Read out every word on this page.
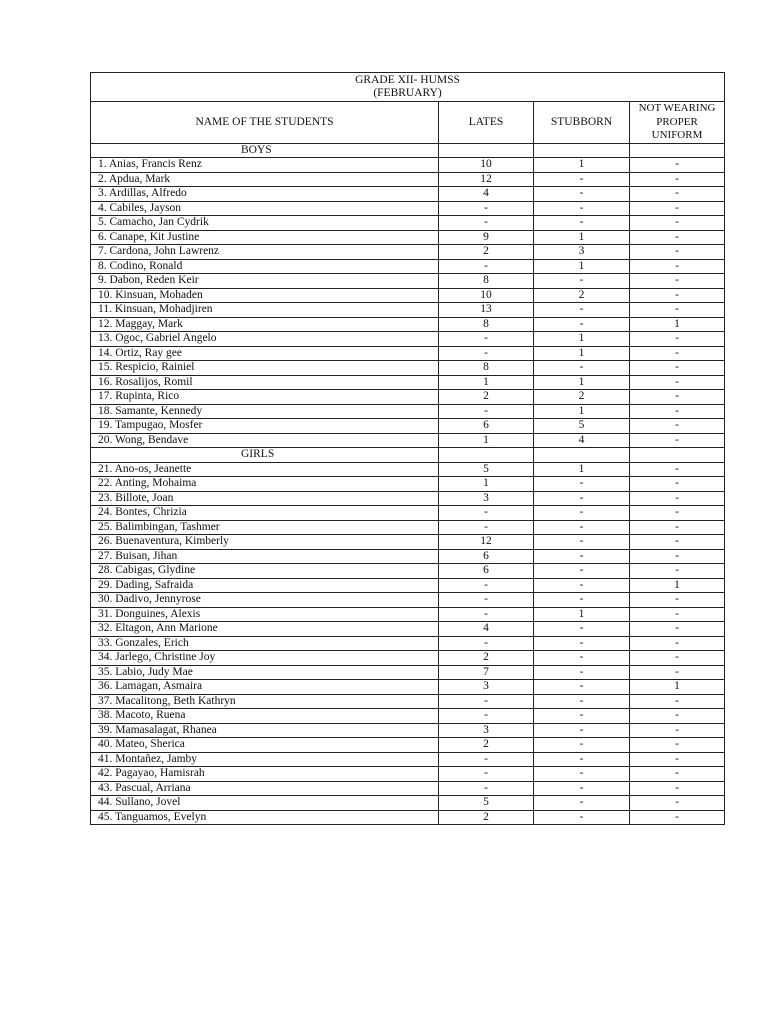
GRADE XII- HUMSS
(FEBRUARY)			

NAME OF THE STUDENTS	LATES	STUBBORN	NOT WEARING PROPER UNIFORM
BOYS			
1. Anias, Francis Renz	10	1	-
2. Apdua, Mark	12	-	-
3. Ardillas, Alfredo	4	-	-
4. Cabiles, Jayson	-	-	-
5. Camacho, Jan Cydrik	-	-	-
6. Canape, Kit Justine	9	1	-
7. Cardona, John Lawrenz	2	3	-
8. Codino, Ronald	-	1	-
9. Dabon, Reden Keir	8	-	-
10. Kinsuan, Mohaden	10	2	-
11. Kinsuan, Mohadjiren	13	-	-
12. Maggay, Mark	8	-	1
13. Ogoc, Gabriel Angelo	-	1	-
14. Ortiz, Ray gee	-	1	-
15. Respicio, Rainiel	8	-	-
16. Rosalijos, Romil	1	1	-
17. Rupinta, Rico	2	2	-
18. Samante, Kennedy	-	1	-
19. Tampugao, Mosfer	6	5	-
20. Wong, Bendave	1	4	-
GIRLS			
21. Ano-os, Jeanette	5	1	-
22. Anting, Mohaima	1	-	-
23. Billote, Joan	3	-	-
24. Bontes, Chrizia	-	-	-
25. Balimbingan, Tashmer	-	-	-
26. Buenaventura, Kimberly	12	-	-
27. Buisan, Jihan	6	-	-
28. Cabigas, Glydine	6	-	-
29. Dading, Safraida	-	-	1
30. Dadivo, Jennyrose	-	-	-
31. Donguines, Alexis	-	1	-
32. Eltagon, Ann Marione	4	-	-
33. Gonzales, Erich	-	-	-
34. Jarlego, Christine Joy	2	-	-
35. Labio, Judy Mae	7	-	-
36. Lamagan, Asmaira	3	-	1
37. Macalitong, Beth Kathryn	-	-	-
38. Macoto, Ruena	-	-	-
39. Mamasalagat, Rhanea	3	-	-
40. Mateo, Sherica	2	-	-
41. Montañez, Jamby	-	-	-
42. Pagayao, Hamisrah	-	-	-
43. Pascual, Arriana	-	-	-
44. Sullano, Jovel	5	-	-
45. Tanguamos, Evelyn	2	-	-
